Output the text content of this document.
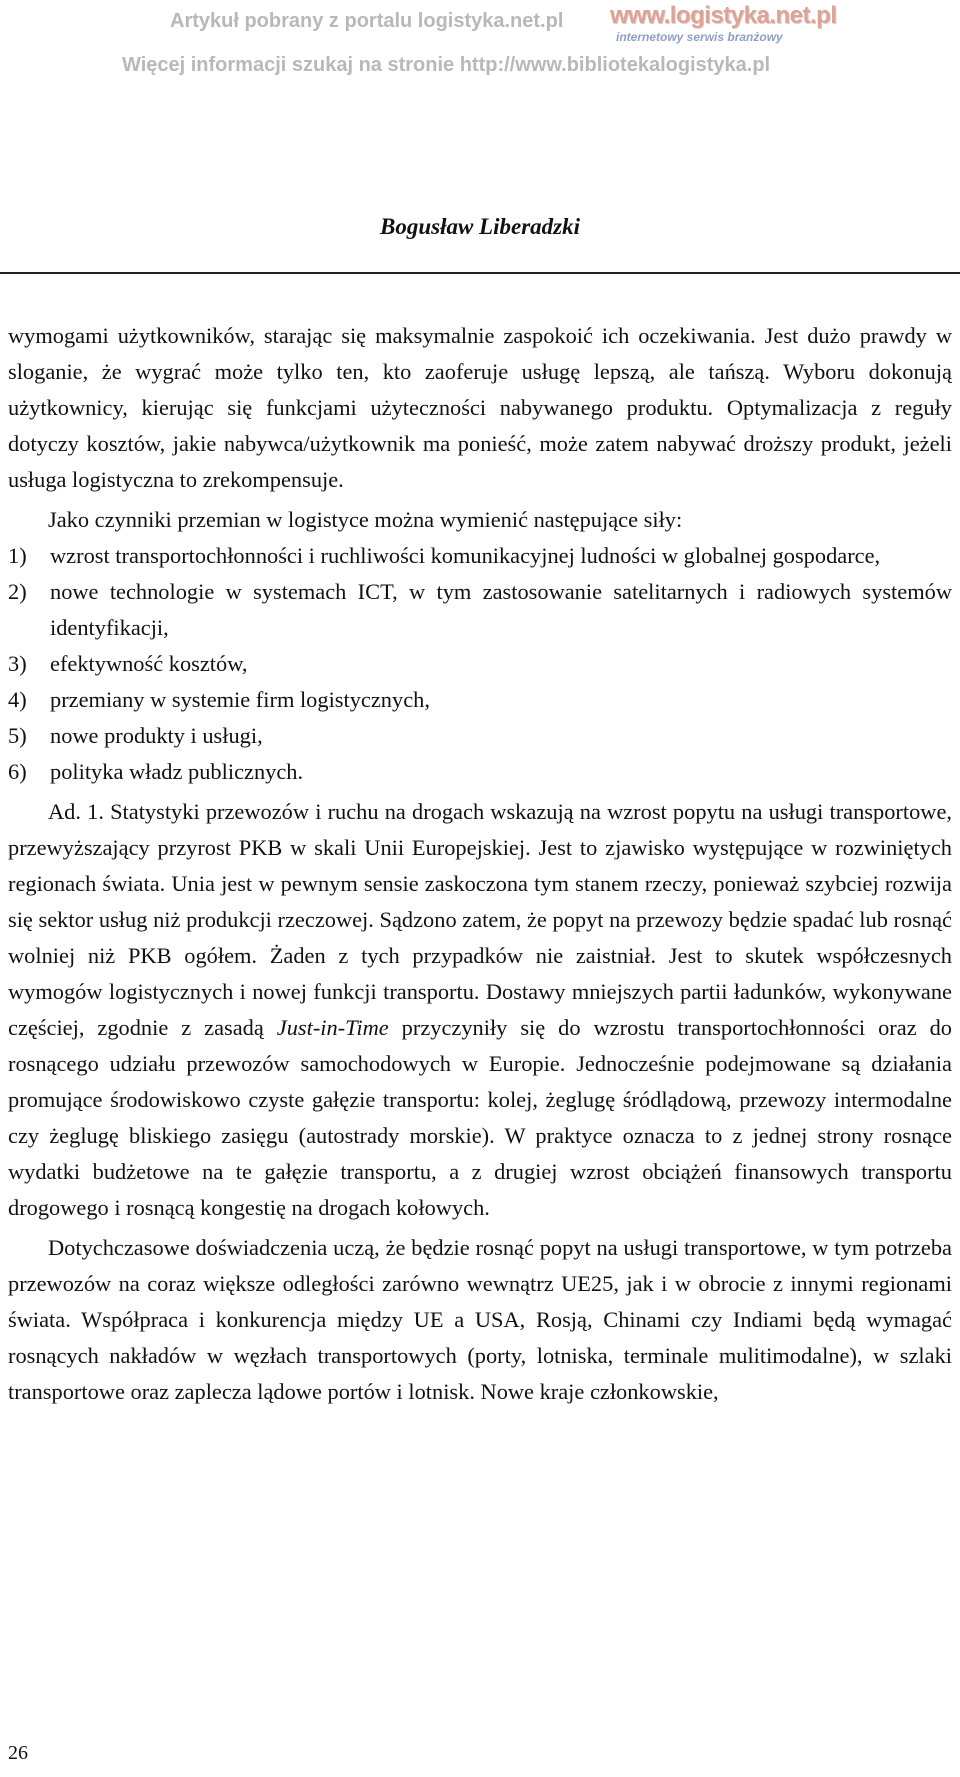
Artykuł pobrany z portalu logistyka.net.pl www.logistyka.net.pl
internetowy serwis branżowy
Więcej informacji szukaj na stronie http://www.bibliotekalogistyka.pl
Bogusław Liberadzki

wymogami użytkowników, starając się maksymalnie zaspokoić ich oczekiwania. Jest dużo prawdy w sloganie, że wygrać może tylko ten, kto zaoferuje usługę lepszą, ale tańszą. Wyboru dokonują użytkownicy, kierując się funkcjami użyteczności nabywanego produktu. Optymalizacja z reguły dotyczy kosztów, jakie nabywca/użytkownik ma ponieść, może zatem nabywać droższy produkt, jeżeli usługa logistyczna to zrekompensuje.

Jako czynniki przemian w logistyce można wymienić następujące siły:

1) wzrost transportochłonności i ruchliwości komunikacyjnej ludności w globalnej gospodarce,
2) nowe technologie w systemach ICT, w tym zastosowanie satelitarnych i radiowych systemów identyfikacji,
3) efektywność kosztów,
4) przemiany w systemie firm logistycznych,
5) nowe produkty i usługi,
6) polityka władz publicznych.

Ad. 1. Statystyki przewozów i ruchu na drogach wskazują na wzrost popytu na usługi transportowe, przewyższający przyrost PKB w skali Unii Europejskiej. Jest to zjawisko występujące w rozwiniętych regionach świata. Unia jest w pewnym sensie zaskoczona tym stanem rzeczy, ponieważ szybciej rozwija się sektor usług niż produkcji rzeczowej. Sądzono zatem, że popyt na przewozy będzie spadać lub rosnąć wolniej niż PKB ogółem. Żaden z tych przypadków nie zaistniał. Jest to skutek współczesnych wymogów logistycznych i nowej funkcji transportu. Dostawy mniejszych partii ładunków, wykonywane częściej, zgodnie z zasadą Just-in-Time przyczyniły się do wzrostu transportochłonności oraz do rosnącego udziału przewozów samochodowych w Europie. Jednocześnie podejmowane są działania promujące środowiskowo czyste gałęzie transportu: kolej, żeglugę śródlądową, przewozy intermodalne czy żeglugę bliskiego zasięgu (autostrady morskie). W praktyce oznacza to z jednej strony rosnące wydatki budżetowe na te gałęzie transportu, a z drugiej wzrost obciążeń finansowych transportu drogowego i rosnącą kongestię na drogach kołowych.

Dotychczasowe doświadczenia uczą, że będzie rosnąć popyt na usługi transportowe, w tym potrzeba przewozów na coraz większe odległości zarówno wewnątrz UE25, jak i w obrocie z innymi regionami świata. Współpraca i konkurencja między UE a USA, Rosją, Chinami czy Indiami będą wymagać rosnących nakładów w węzłach transportowych (porty, lotniska, terminale mulitimodalne), w szlaki transportowe oraz zaplecza lądowe portów i lotnisk. Nowe kraje członkowskie,

26
